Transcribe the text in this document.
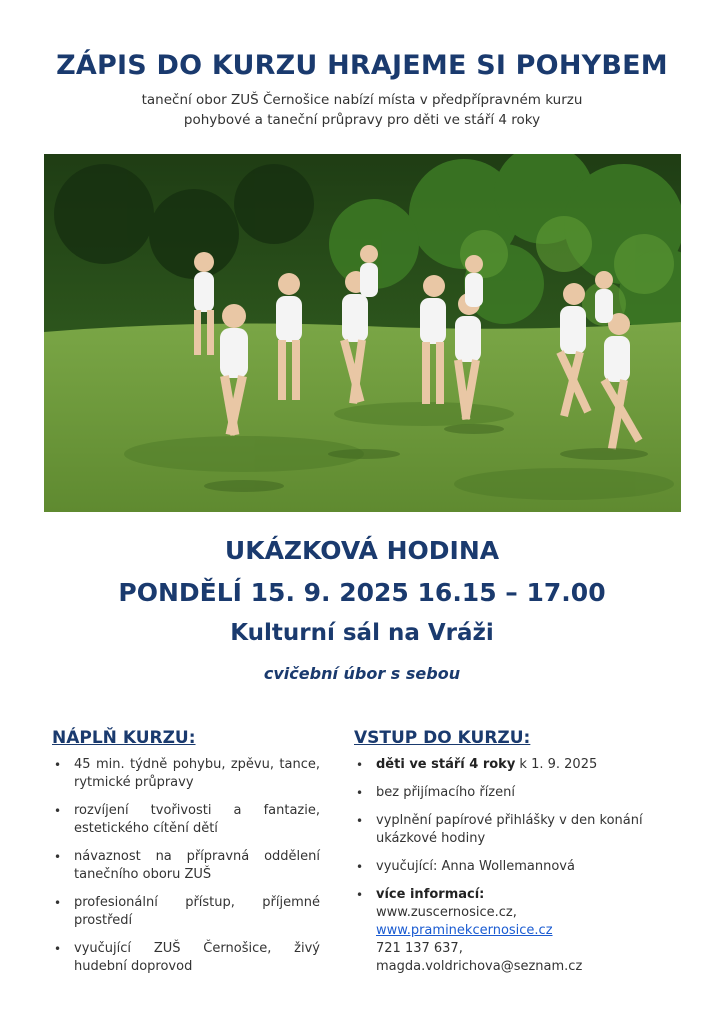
ZÁPIS DO KURZU HRAJEME SI POHYBEM
taneční obor ZUŠ Černošice nabízí místa v předpřípravném kurzu
pohybové a taneční průpravy pro děti ve stáří 4 roky
UKÁZKOVÁ HODINA
PONDĚLÍ 15. 9. 2025 16.15 – 17.00
Kulturní sál na Vráži
cvičební úbor s sebou
NÁPLŇ KURZU:
• 45 min. týdně pohybu, zpěvu, tance, rytmické průpravy
• rozvíjení tvořivosti a fantazie, estetického cítění dětí
• návaznost na přípravná oddělení tanečního oboru ZUŠ
• profesionální přístup, příjemné prostředí
• vyučující ZUŠ Černošice, živý hudební doprovod
VSTUP DO KURZU:
• děti ve stáří 4 roky k 1. 9. 2025
• bez přijímacího řízení
• vyplnění papírové přihlášky v den konání ukázkové hodiny
• vyučující: Anna Wollemannová
• více informací:
www.zuscernosice.cz,
www.praminekcernosice.cz
721 137 637,
magda.voldrichova@seznam.cz
